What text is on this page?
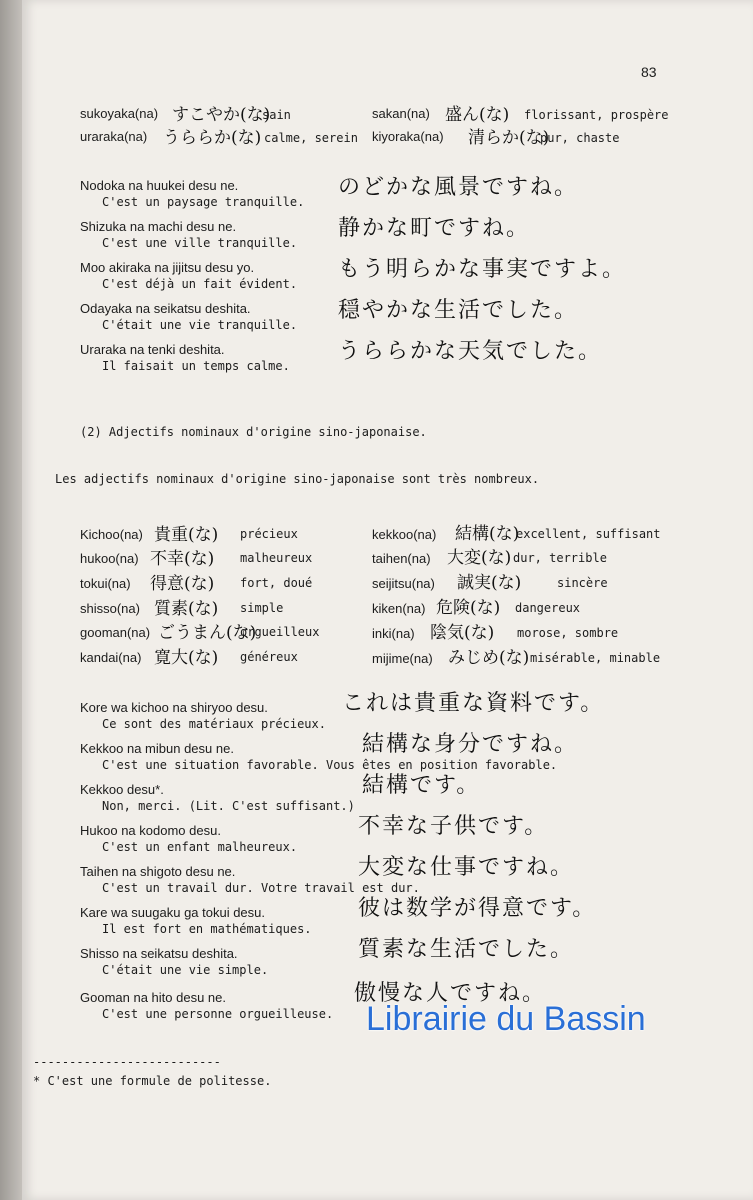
83
sukoyaka(na) すこやか(な)
sain
uraraka(na) うららか(な) calme, serein
sakan(na) 盛ん(な) florissant, prospère
kiyoraka(na) 清らか(な)
pur, chaste
Nodoka na huukei desu ne.
C'est un paysage tranquille.
のどかな風景ですね。
Shizuka na machi desu ne.
C'est une ville tranquille.
静かな町ですね。
Moo akiraka na jijitsu desu yo.
C'est déjà un fait évident.
もう明らかな事実ですよ。
Odayaka na seikatsu deshita.
C'était une vie tranquille.
穏やかな生活でした。
Uraraka na tenki deshita.
Il faisait un temps calme.
うららかな天気でした。
Kichoo(na) 貴重(な) précieux
hukoo(na) 不幸(な) malheureux
tokui(na) 得意(な) fort, doué
shisso(na) 質素(な) simple
gooman(na) ごうまん(な)
orgueilleux
kandai(na) 寛大(な) généreux
kekkoo(na) 結構(な)
excellent, suffisant
taihen(na) 大変(な) dur, terrible
seijitsu(na) 誠実(な)	sincère
kiken(na) 危険(な) dangereux
inki(na) 陰気(な) morose, sombre
mijime(na) みじめ(な) misérable, minable
Kore wa kichoo na shiryoo desu.
Ce sont des matériaux précieux.
これは貴重な資料です。
Kekkoo na mibun desu ne.
C'est une situation favorable. Vous êtes en position favorable.
結構な身分ですね。
Kekkoo desu*.
Non, merci. (Lit. C'est suffisant.)
結構です。
Hukoo na kodomo desu.
C'est un enfant malheureux.
不幸な子供です。
Taihen na shigoto desu ne.
C'est un travail dur. Votre travail est dur.
大変な仕事ですね。
Kare wa suugaku ga tokui desu.
Il est fort en mathématiques.
彼は数学が得意です。
Shisso na seikatsu deshita.
C'était une vie simple.
質素な生活でした。
Gooman na hito desu ne.
C'est une personne orgueilleuse.
傲慢な人ですね。
(2) Adjectifs nominaux d'origine sino-japonaise.
Les adjectifs nominaux d'origine sino-japonaise sont très nombreux.
--------------------------
* C'est une formule de politesse.
Librairie du Bassin
